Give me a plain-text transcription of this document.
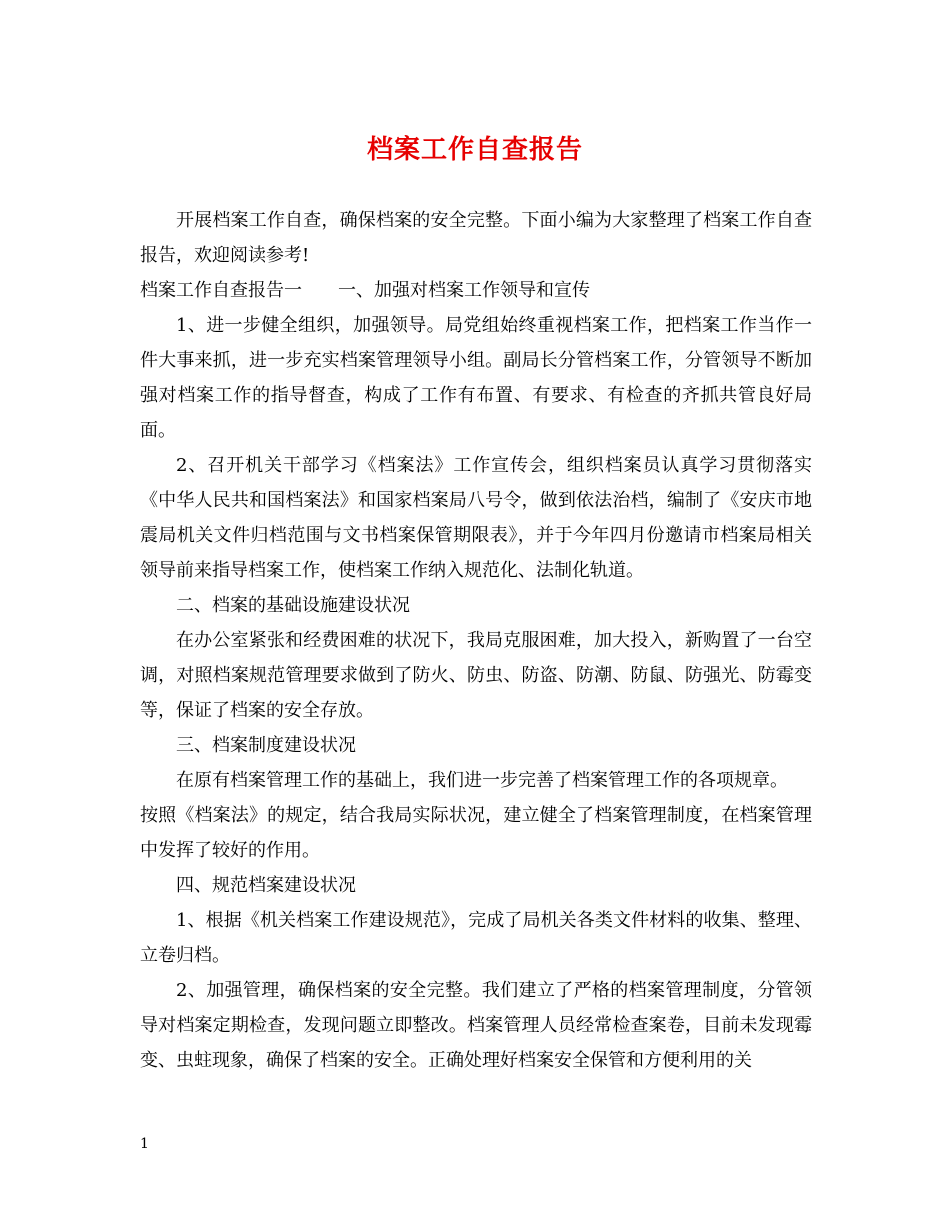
档案工作自查报告

开展档案工作自查，确保档案的安全完整。下面小编为大家整理了档案工作自查报告，欢迎阅读参考!

档案工作自查报告一 一、加强对档案工作领导和宣传

1、进一步健全组织，加强领导。局党组始终重视档案工作，把档案工作当作一件大事来抓，进一步充实档案管理领导小组。副局长分管档案工作，分管领导不断加强对档案工作的指导督查，构成了工作有布置、有要求、有检查的齐抓共管良好局面。

2、召开机关干部学习《档案法》工作宣传会，组织档案员认真学习贯彻落实《中华人民共和国档案法》和国家档案局八号令，做到依法治档，编制了《安庆市地震局机关文件归档范围与文书档案保管期限表》，并于今年四月份邀请市档案局相关领导前来指导档案工作，使档案工作纳入规范化、法制化轨道。

二、档案的基础设施建设状况

在办公室紧张和经费困难的状况下，我局克服困难，加大投入，新购置了一台空调，对照档案规范管理要求做到了防火、防虫、防盗、防潮、防鼠、防强光、防霉变等，保证了档案的安全存放。

三、档案制度建设状况

在原有档案管理工作的基础上，我们进一步完善了档案管理工作的各项规章。

按照《档案法》的规定，结合我局实际状况，建立健全了档案管理制度，在档案管理中发挥了较好的作用。

四、规范档案建设状况

1、根据《机关档案工作建设规范》，完成了局机关各类文件材料的收集、整理、立卷归档。

2、加强管理，确保档案的安全完整。我们建立了严格的档案管理制度，分管领导对档案定期检查，发现问题立即整改。档案管理人员经常检查案卷，目前未发现霉变、虫蛀现象，确保了档案的安全。正确处理好档案安全保管和方便利用的关

1
